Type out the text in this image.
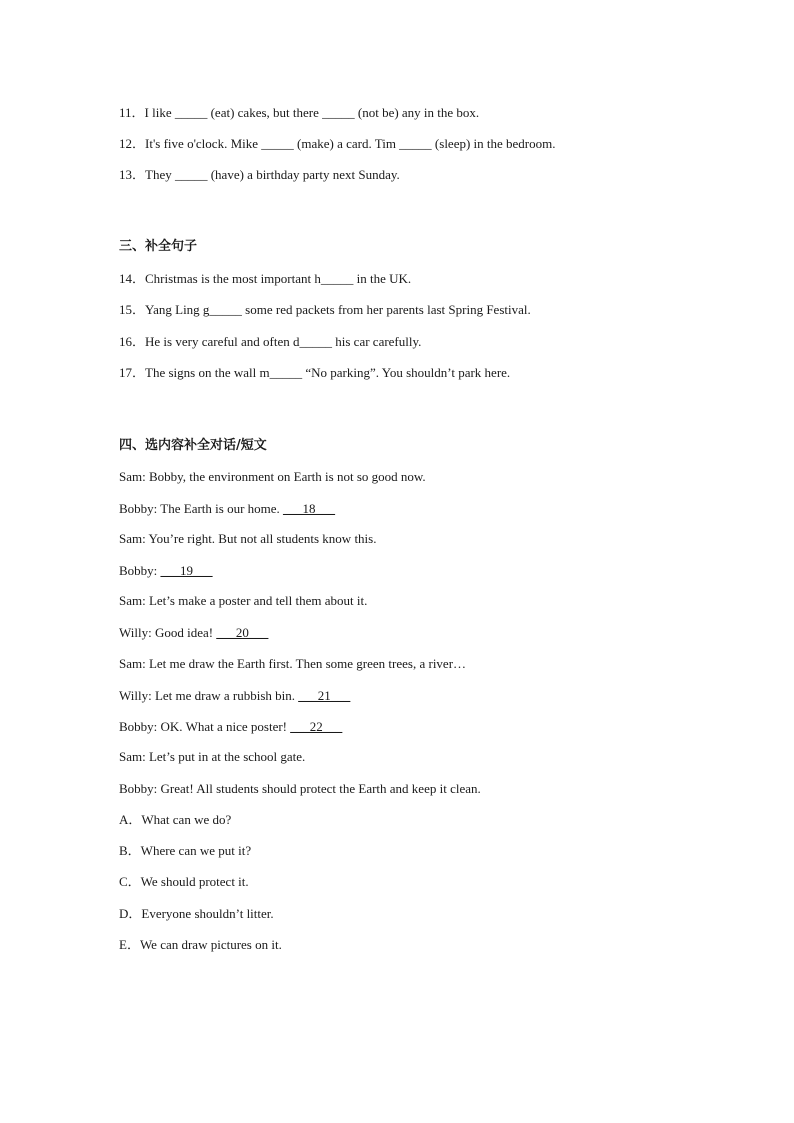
11．I like _____ (eat) cakes, but there _____ (not be) any in the box.
12．It's five o'clock. Mike _____ (make) a card. Tim _____ (sleep) in the bedroom.
13．They _____ (have) a birthday party next Sunday.
三、补全句子
14．Christmas is the most important h_____ in the UK.
15．Yang Ling g_____ some red packets from her parents last Spring Festival.
16．He is very careful and often d_____ his car carefully.
17．The signs on the wall m_____ “No parking”. You shouldn’t park here.
四、选内容补全对话/短文
Sam: Bobby, the environment on Earth is not so good now.
Bobby: The Earth is our home. ___18___
Sam: You’re right. But not all students know this.
Bobby: ___19___
Sam: Let’s make a poster and tell them about it.
Willy: Good idea! ___20___
Sam: Let me draw the Earth first. Then some green trees, a river…
Willy: Let me draw a rubbish bin. ___21___
Bobby: OK. What a nice poster! ___22___
Sam: Let’s put in at the school gate.
Bobby: Great! All students should protect the Earth and keep it clean.
A．What can we do?
B．Where can we put it?
C．We should protect it.
D．Everyone shouldn’t litter.
E．We can draw pictures on it.
